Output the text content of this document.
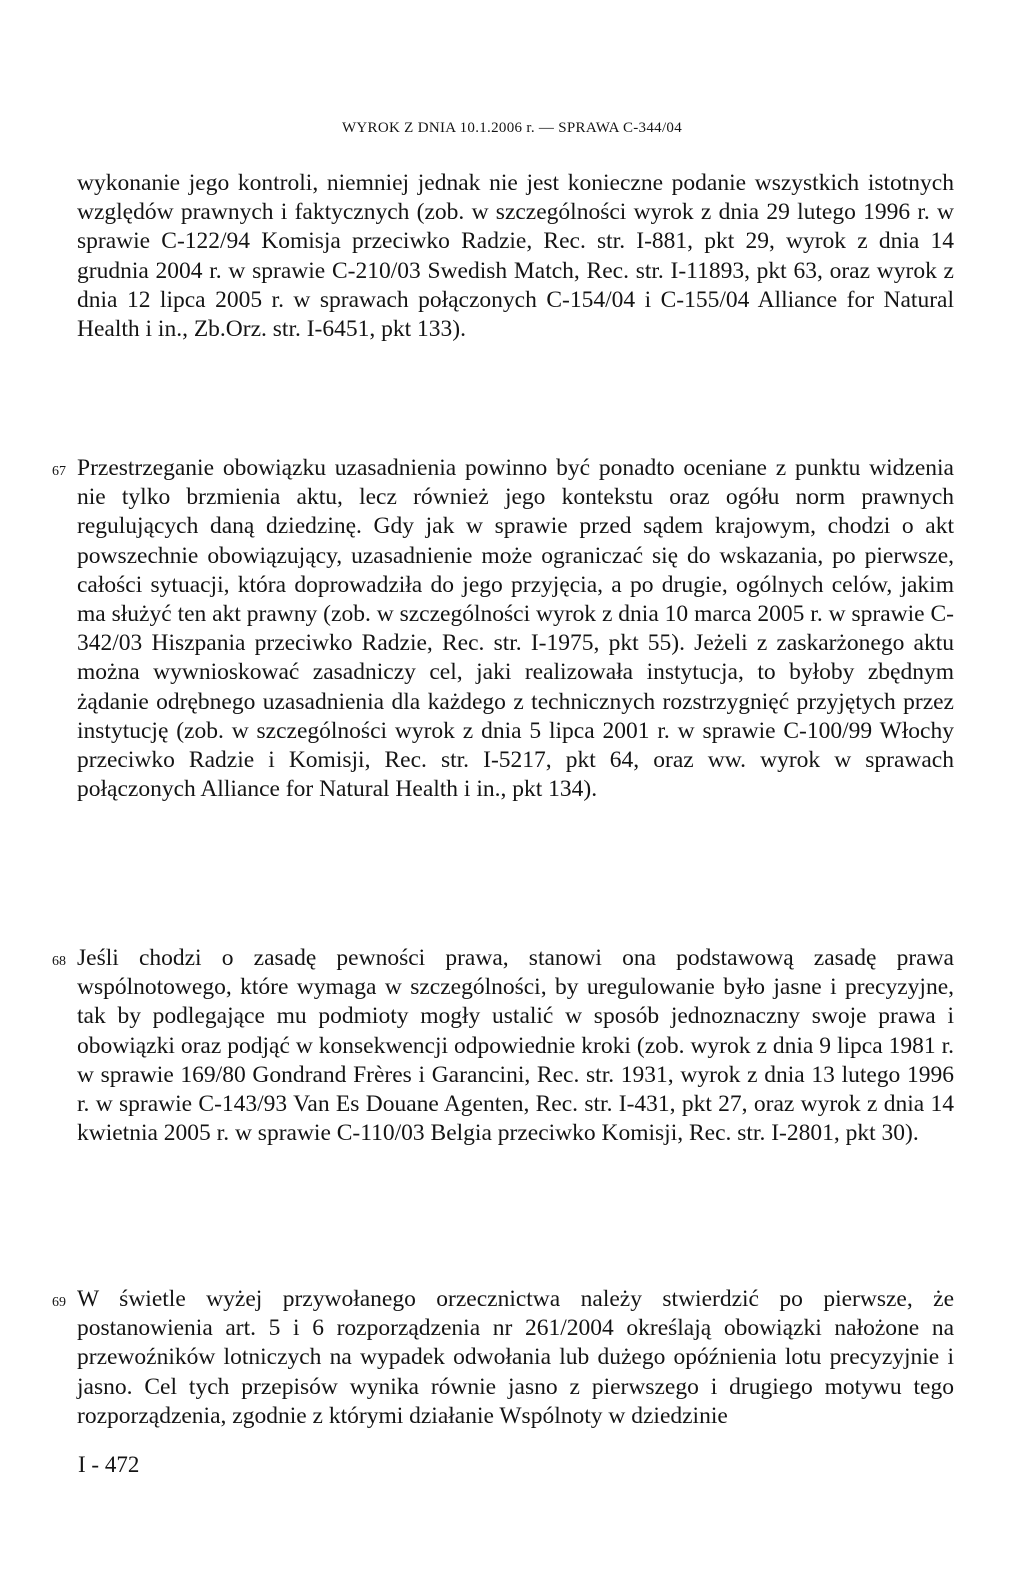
WYROK Z DNIA 10.1.2006 r. — SPRAWA C-344/04

wykonanie jego kontroli, niemniej jednak nie jest konieczne podanie wszystkich istotnych względów prawnych i faktycznych (zob. w szczególności wyrok z dnia 29 lutego 1996 r. w sprawie C-122/94 Komisja przeciwko Radzie, Rec. str. I-881, pkt 29, wyrok z dnia 14 grudnia 2004 r. w sprawie C-210/03 Swedish Match, Rec. str. I-11893, pkt 63, oraz wyrok z dnia 12 lipca 2005 r. w sprawach połączonych C-154/04 i C-155/04 Alliance for Natural Health i in., Zb.Orz. str. I-6451, pkt 133).

67 Przestrzeganie obowiązku uzasadnienia powinno być ponadto oceniane z punktu widzenia nie tylko brzmienia aktu, lecz również jego kontekstu oraz ogółu norm prawnych regulujących daną dziedzinę. Gdy jak w sprawie przed sądem krajowym, chodzi o akt powszechnie obowiązujący, uzasadnienie może ograniczać się do wskazania, po pierwsze, całości sytuacji, która doprowadziła do jego przyjęcia, a po drugie, ogólnych celów, jakim ma służyć ten akt prawny (zob. w szczególności wyrok z dnia 10 marca 2005 r. w sprawie C-342/03 Hiszpania przeciwko Radzie, Rec. str. I-1975, pkt 55). Jeżeli z zaskarżonego aktu można wywnioskować zasadniczy cel, jaki realizowała instytucja, to byłoby zbędnym żądanie odrębnego uzasadnienia dla każdego z technicznych rozstrzygnięć przyjętych przez instytucję (zob. w szczególności wyrok z dnia 5 lipca 2001 r. w sprawie C-100/99 Włochy przeciwko Radzie i Komisji, Rec. str. I-5217, pkt 64, oraz ww. wyrok w sprawach połączonych Alliance for Natural Health i in., pkt 134).

68 Jeśli chodzi o zasadę pewności prawa, stanowi ona podstawową zasadę prawa wspólnotowego, które wymaga w szczególności, by uregulowanie było jasne i precyzyjne, tak by podlegające mu podmioty mogły ustalić w sposób jednoznaczny swoje prawa i obowiązki oraz podjąć w konsekwencji odpowiednie kroki (zob. wyrok z dnia 9 lipca 1981 r. w sprawie 169/80 Gondrand Frères i Garancini, Rec. str. 1931, wyrok z dnia 13 lutego 1996 r. w sprawie C-143/93 Van Es Douane Agenten, Rec. str. I-431, pkt 27, oraz wyrok z dnia 14 kwietnia 2005 r. w sprawie C-110/03 Belgia przeciwko Komisji, Rec. str. I-2801, pkt 30).

69 W świetle wyżej przywołanego orzecznictwa należy stwierdzić po pierwsze, że postanowienia art. 5 i 6 rozporządzenia nr 261/2004 określają obowiązki nałożone na przewoźników lotniczych na wypadek odwołania lub dużego opóźnienia lotu precyzyjnie i jasno. Cel tych przepisów wynika równie jasno z pierwszego i drugiego motywu tego rozporządzenia, zgodnie z którymi działanie Wspólnoty w dziedzinie

I - 472
